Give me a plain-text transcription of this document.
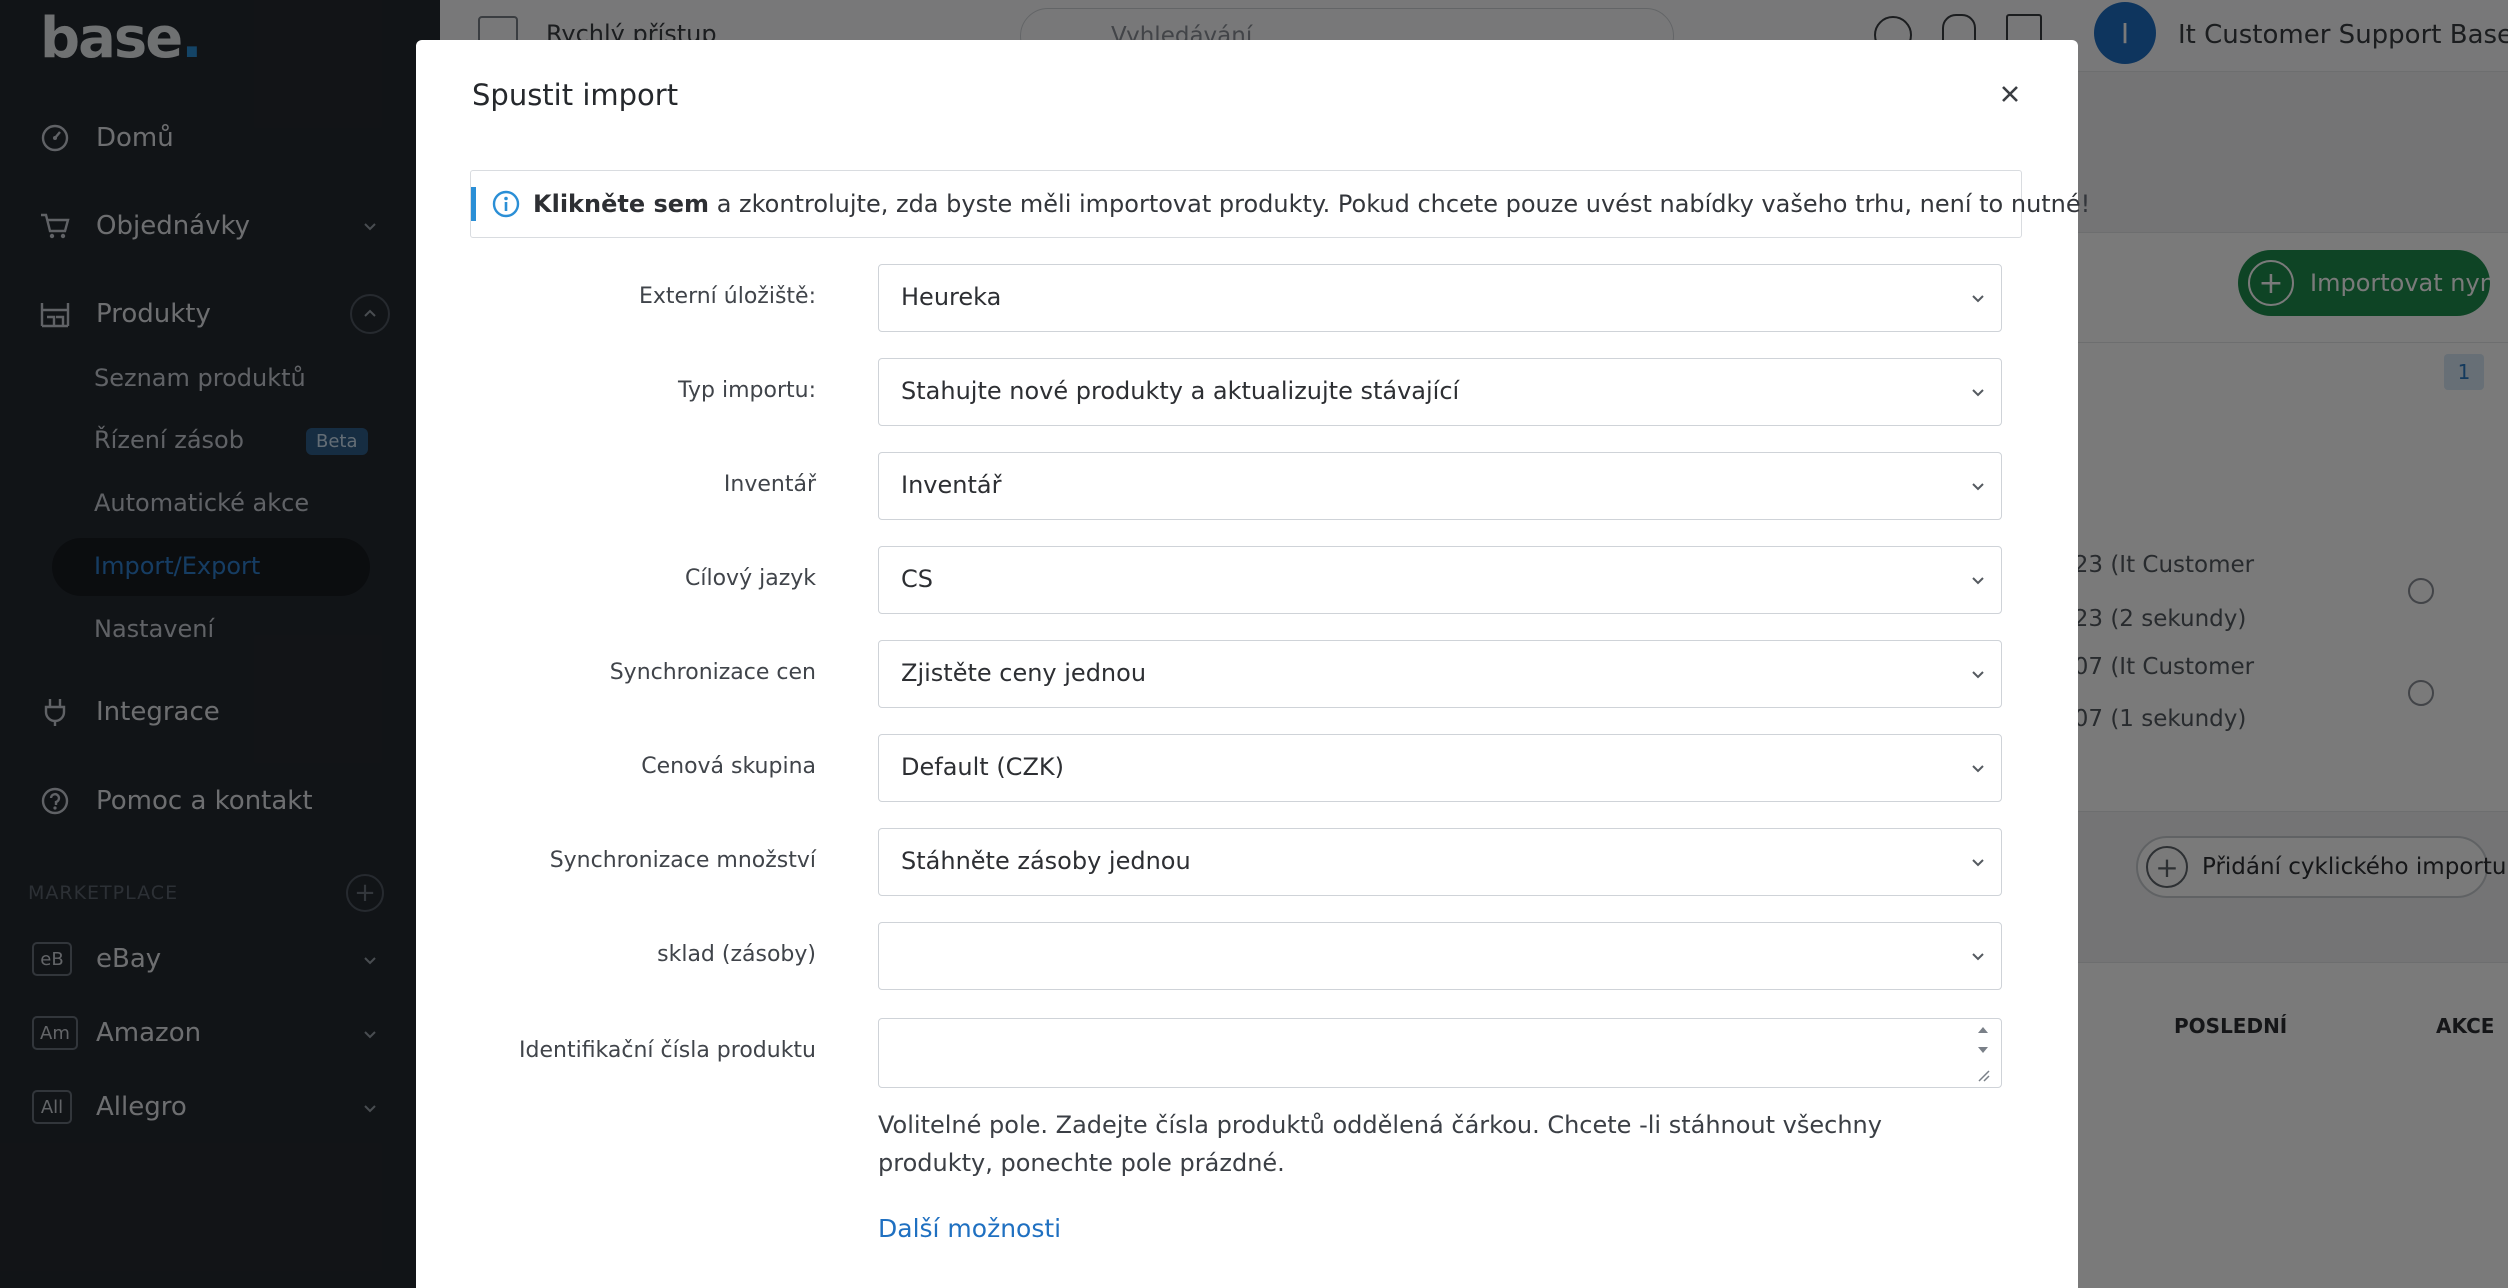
Spustit import
Klikněte sem a zkontrolujte, zda byste měli importovat produkty. Pokud chcete pouze uvést nabídky vašeho trhu, není to nutné!
Externí úložiště:	Heureka
Typ importu:	Stahujte nové produkty a aktualizujte stávající
Inventář	Inventář
Cílový jazyk	CS
Synchronizace cen	Zjistěte ceny jednou
Cenová skupina	Default (CZK)
Synchronizace množství	Stáhněte zásoby jednou
sklad (zásoby)
Identifikační čísla produktu
Volitelné pole. Zadejte čísla produktů oddělená čárkou. Chcete -li stáhnout všechny produkty, ponechte pole prázdné.
Další možnosti
